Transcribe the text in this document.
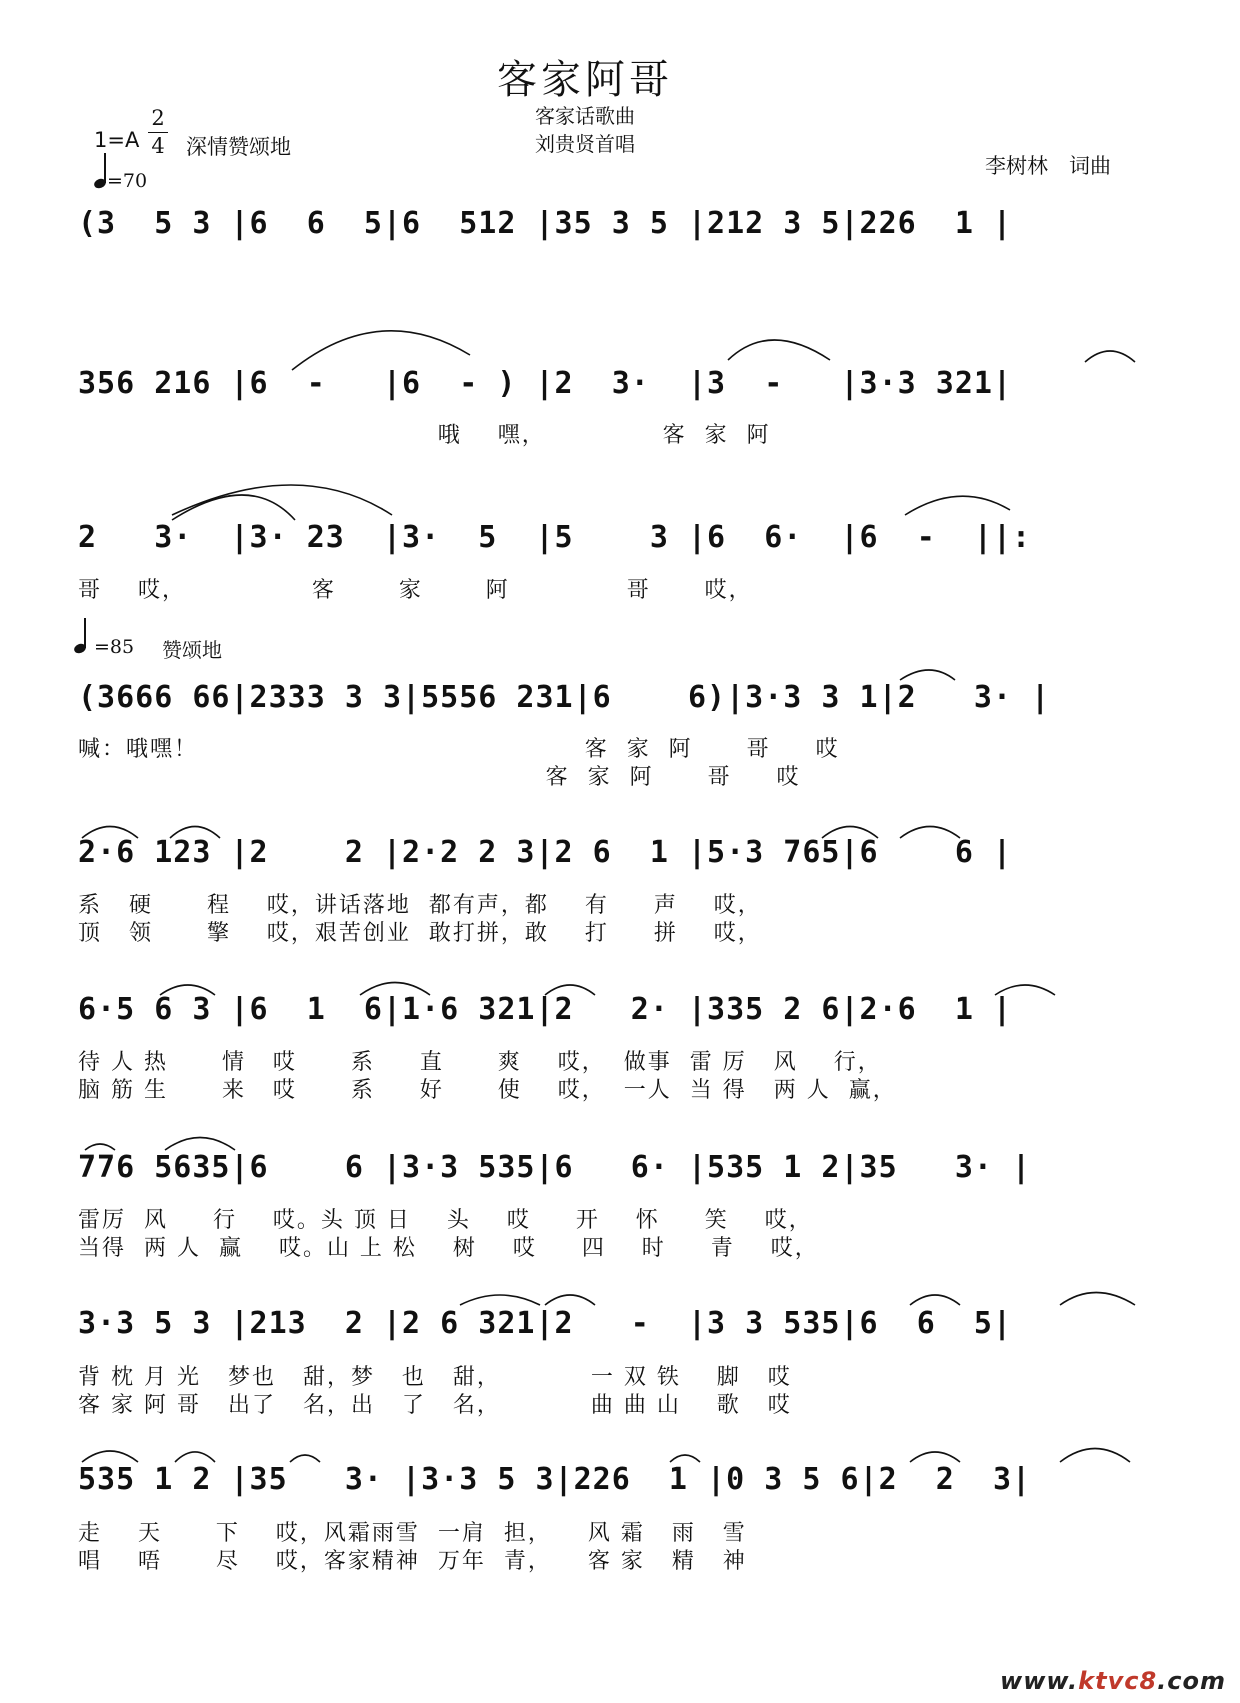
客家阿哥
客家话歌曲
刘贵贤首唱
1=A
2
4 深情赞颂地
李树林　词曲
=70
(3  5 3 |6  6  5|6  512 |35 3 5 |212 3 5|226  1 |
356 216 |6  -   |6  - ) |2  3·  |3  -   |3·3 321|
哦    嘿，             客  家  阿
2   3·  |3· 23  |3·  5  |5    3 |6  6·  |6  -  ||:
哥    哎，              客       家       阿             哥      哎，
=85 赞颂地
(3666 66|2333 3 3|5556 231|6    6)|3·3 3 1|2   3· |
喊：哦嘿！                                           客  家  阿      哥     哎
客  家  阿      哥     哎
2·6 123 |2    2 |2·2 2 3|2 6  1 |5·3 765|6    6 |
系   硬      程    哎，讲话落地  都有声，都    有     声    哎，
顶   领      擎    哎，艰苦创业  敢打拼，敢    打     拼    哎，
6·5 6 3 |6  1  6|1·6 321|2   2· |335 2 6|2·6  1 |
待 人 热      情   哎      系     直      爽    哎，  做事  雷 厉   风    行，
脑 筋 生      来   哎      系     好      使    哎，  一人  当 得   两 人  赢，
776 5635|6    6 |3·3 535|6   6· |535 1 2|35   3· |
雷厉  风     行    哎。头 顶 日    头    哎     开    怀     笑    哎，
当得  两 人  赢    哎。山 上 松    树    哎     四    时     青    哎，
3·3 5 3 |213  2 |2 6 321|2   -  |3 3 535|6  6  5|
背 枕 月 光   梦也   甜，梦   也   甜，          一 双 铁    脚   哎
客 家 阿 哥   出了   名，出   了   名，          曲 曲 山    歌   哎
535 1 2 |35   3· |3·3 5 3|226  1 |0 3 5 6|2  2  3|
走    天      下    哎，风霜雨雪  一肩  担，    风 霜   雨   雪
唱    唔      尽    哎，客家精神  万年  青，    客 家   精   神
www.ktvc8.com
